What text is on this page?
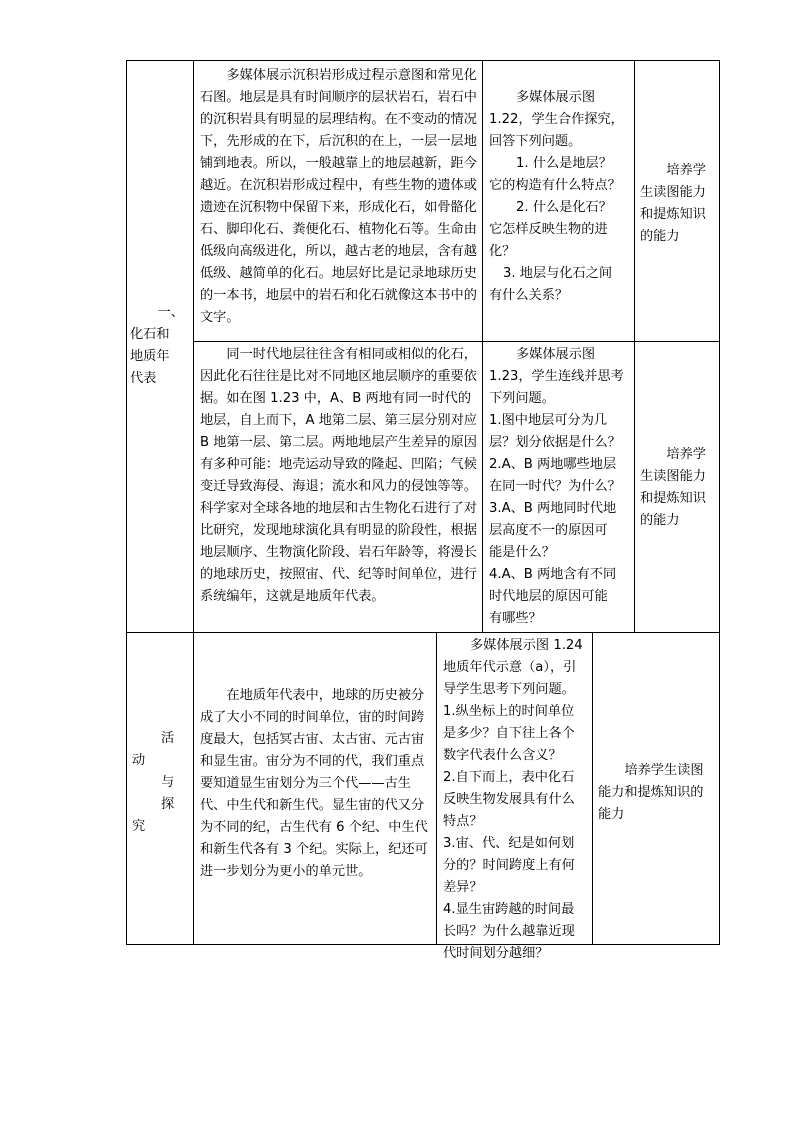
一、

化石和

地质年

代表

多媒体展示沉积岩形成过程示意图和常见化石图。地层是具有时间顺序的层状岩石，岩石中的沉积岩具有明显的层理结构。在不变动的情况下，先形成的在下，后沉积的在上，一层一层地铺到地表。所以，一般越靠上的地层越新，距今越近。在沉积岩形成过程中，有些生物的遗体或遗迹在沉积物中保留下来，形成化石，如骨骼化石、脚印化石、粪便化石、植物化石等。生命由低级向高级进化，所以，越古老的地层，含有越低级、越简单的化石。地层好比是记录地球历史的一本书，地层中的岩石和化石就像这本书中的文字。

多媒体展示图

1.22，学生合作探究，

回答下列问题。

1. 什么是地层？

它的构造有什么特点？

2. 什么是化石？

它怎样反映生物的进

化？

3. 地层与化石之间

有什么关系？

培养学生读图能力和提炼知识的能力

同一时代地层往往含有相同或相似的化石，因此化石往往是比对不同地区地层顺序的重要依据。如在图 1.23 中，A、B 两地有同一时代的地层，自上而下，A 地第二层、第三层分别对应 B 地第一层、第二层。两地地层产生差异的原因有多种可能：地壳运动导致的隆起、凹陷；气候变迁导致海侵、海退；流水和风力的侵蚀等等。科学家对全球各地的地层和古生物化石进行了对比研究，发现地球演化具有明显的阶段性，根据地层顺序、生物演化阶段、岩石年龄等，将漫长的地球历史，按照宙、代、纪等时间单位，进行系统编年，这就是地质年代表。

多媒体展示图

1.23，学生连线并思考

下列问题。

1.图中地层可分为几

层？划分依据是什么？

2.A、B 两地哪些地层

在同一时代？为什么？

3.A、B 两地同时代地

层高度不一的原因可

能是什么？

4.A、B 两地含有不同

时代地层的原因可能

有哪些？

培养学生读图能力和提炼知识的能力

活
动
与
探
究

在地质年代表中，地球的历史被分成了大小不同的时间单位，宙的时间跨度最大，包括冥古宙、太古宙、元古宙和显生宙。宙分为不同的代，我们重点要知道显生宙划分为三个代——古生代、中生代和新生代。显生宙的代又分为不同的纪，古生代有 6 个纪、中生代和新生代各有 3 个纪。实际上，纪还可进一步划分为更小的单元世。

多媒体展示图 1.24

地质年代示意（a），引

导学生思考下列问题。

1.纵坐标上的时间单位

是多少？自下往上各个

数字代表什么含义？

2.自下而上，表中化石

反映生物发展具有什么

特点？

3.宙、代、纪是如何划

分的？时间跨度上有何

差异？

4.显生宙跨越的时间最

长吗？为什么越靠近现

代时间划分越细？

培养学生读图能力和提炼知识的能力
